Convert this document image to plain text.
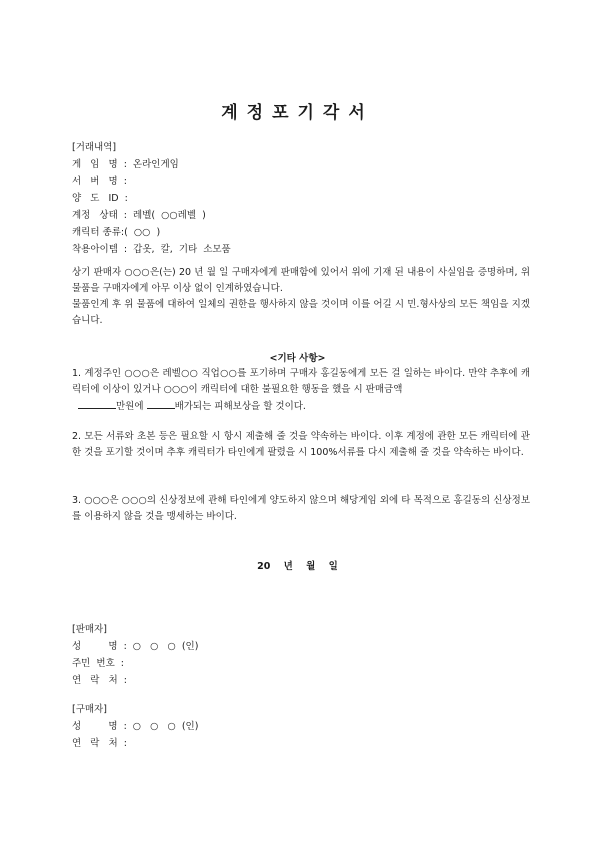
계정포기각서
[거래내역]
게   임   명  :  온라인게임
서   버   명  :
양   도   ID  :
계정   상태  :  레벨(  ○○레벨  )
캐릭터 종류:(  ○○  )
착용아이템  :  갑옷,  칼,  기타  소모품

상기 판매자 ○○○은(는) 20 년 월 일 구매자에게 판매함에 있어서 위에 기재 된 내용이 사실임을 증명하며, 위 물품을 구매자에게 아무 이상 없이 인계하였습니다.

물품인계 후 위 물품에 대하여 일체의 권한을 행사하지 않을 것이며 이를 어길 시 민.형사상의 모든 책임을 지겠습니다.

<기타 사항>

1. 계정주인 ○○○은 레벨○○ 직업○○를 포기하며 구매자 홍길동에게 모든 걸 일하는 바이다. 만약 추후에 캐릭터에 이상이 있거나 ○○○이 캐릭터에 대한 불필요한 행동을 했을 시 판매금액
만원에	배가되는 피해보상을 할 것이다.

2. 모든 서류와 초본 등은 필요할 시 항시 제출해 줄 것을 약속하는 바이다. 이후 계정에 관한 모든 캐릭터에 관한 것을 포기할 것이며 추후 캐릭터가 타인에게 팔렸을 시 100%서류를 다시 제출해 줄 것을 약속하는 바이다.

3. ○○○은 ○○○의 신상정보에 관해 타인에게 양도하지 않으며 해당게임 외에 타 목적으로 홍길동의 신상정보를 이용하지 않을 것을 맹세하는 바이다.

20 년 월 일
[판매자]
성         명  :  ○   ○   ○  (인)
주민  번호  :
연   락   처  :
[구매자]
성         명  :  ○   ○   ○  (인)
연   락   처  :
